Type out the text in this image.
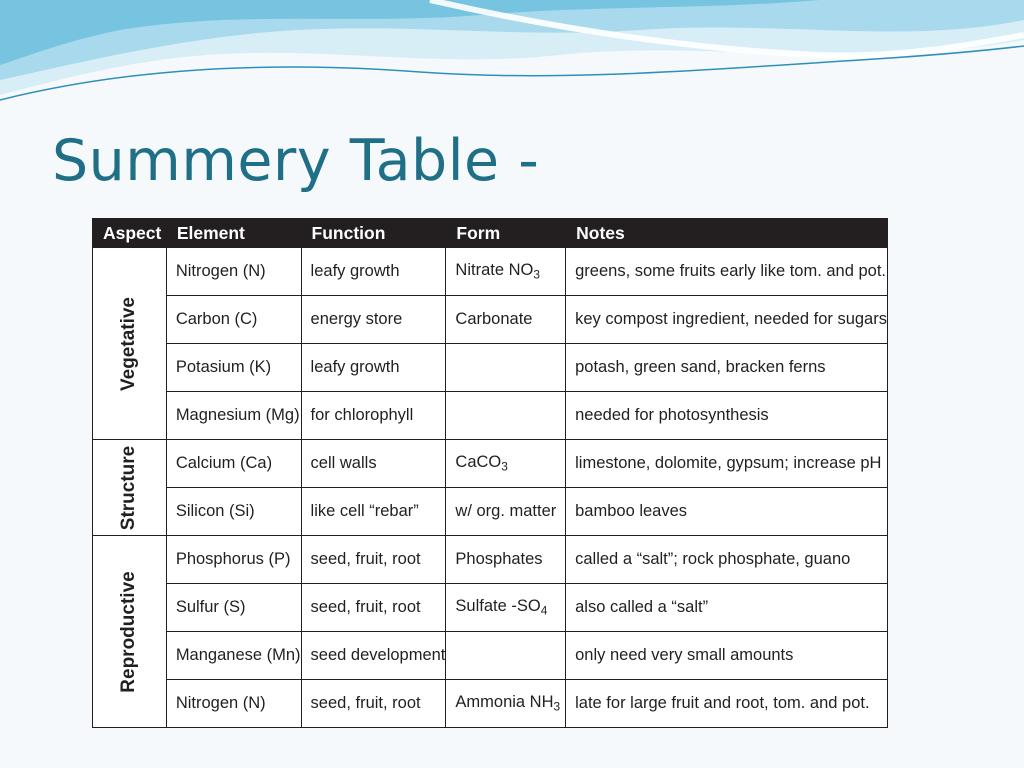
Summery Table -
Aspect	Element	Function	Form	Notes

Vegetative	Nitrogen (N)	leafy growth	Nitrate $NO_3$	greens, some fruits early like tom. and pot.
	Carbon (C)	energy store	Carbonate	key compost ingredient, needed for sugars
	Potasium (K)	leafy growth		potash, green sand, bracken ferns
	Magnesium (Mg)	for chlorophyll		needed for photosynthesis

Structure	Calcium (Ca)	cell walls	CaCO$_3$	limestone, dolomite, gypsum; increase pH
	Silicon (Si)	like cell “rebar”	w/ org. matter	bamboo leaves

Reproductive	Phosphorus (P)	seed, fruit, root	Phosphates	called a “salt”; rock phosphate, guano
	Sulfur (S)	seed, fruit, root	Sulfate $-SO_4$	also called a “salt”
	Manganese (Mn)	seed development		only need very small amounts
	Nitrogen (N)	seed, fruit, root	Ammonia $NH_3$	late for large fruit and root, tom. and pot.
